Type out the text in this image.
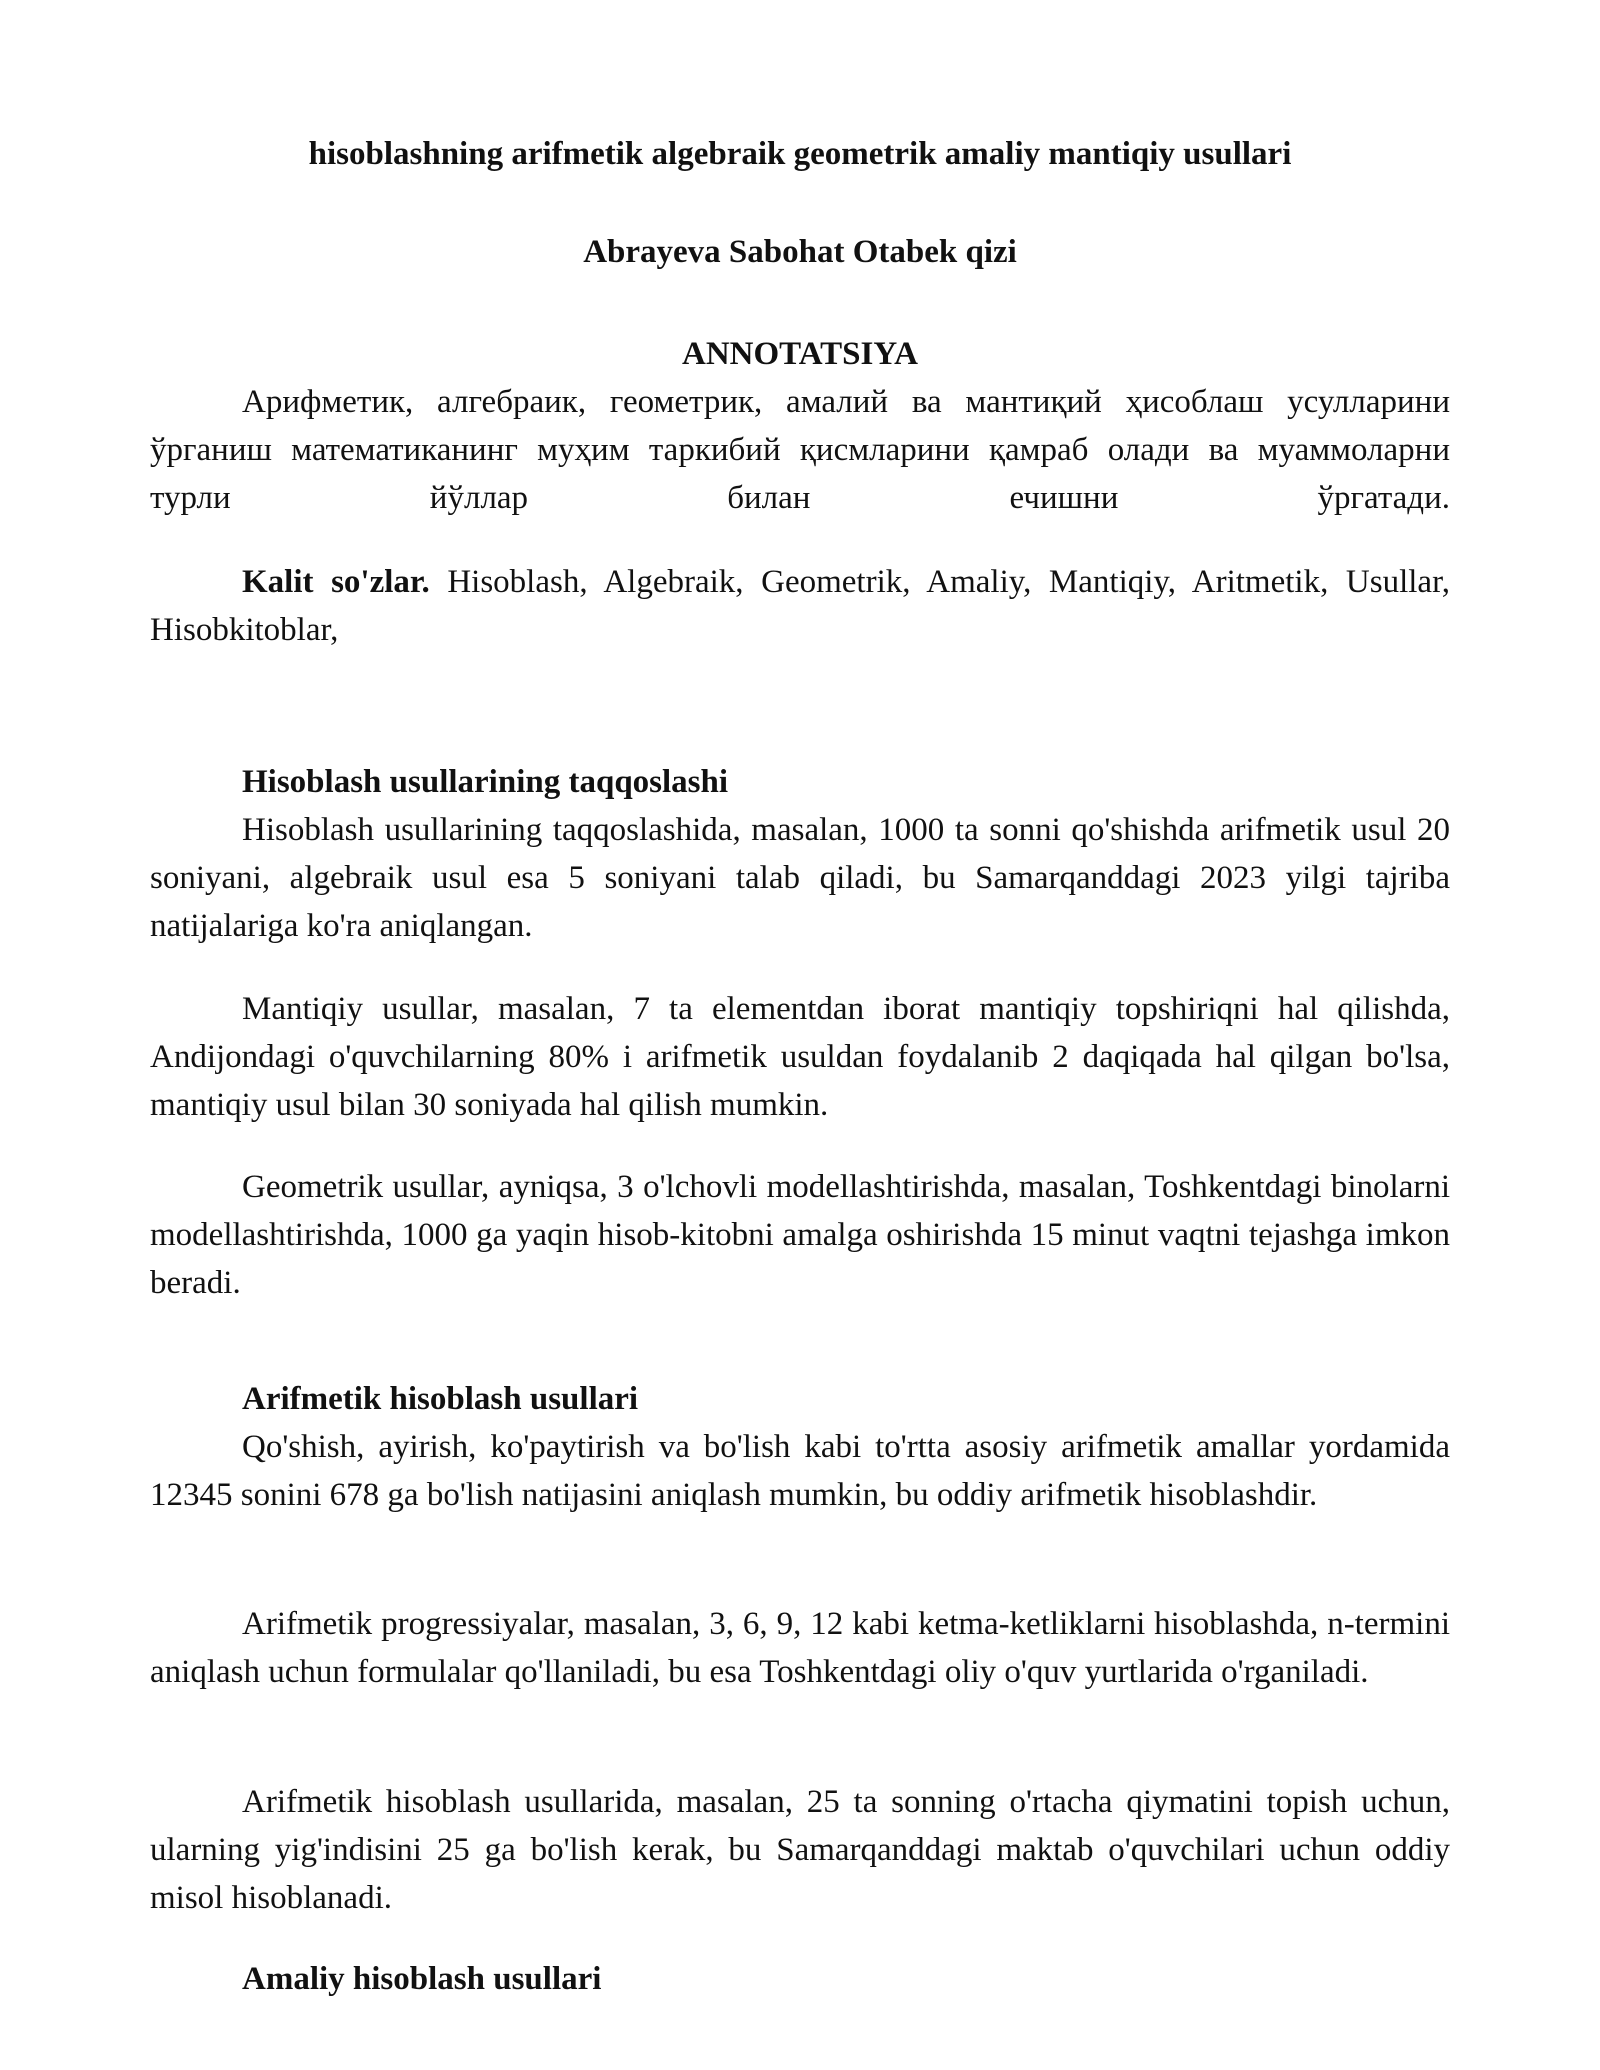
hisoblashning arifmetik algebraik geometrik amaliy mantiqiy usullari

Abrayeva Sabohat Otabek qizi

ANNOTATSIYA

Арифметик, алгебраик, геометрик, амалий ва мантиқий ҳисоблаш усулларини ўрганиш математиканинг муҳим таркибий қисмларини қамраб олади ва муаммоларни турли йўллар билан ечишни ўргатади.

Kalit so'zlar. Hisoblash, Algebraik, Geometrik, Amaliy, Mantiqiy, Aritmetik, Usullar, Hisobkitoblar,

Hisoblash usullarining taqqoslashi

Hisoblash usullarining taqqoslashida, masalan, 1000 ta sonni qo'shishda arifmetik usul 20 soniyani, algebraik usul esa 5 soniyani talab qiladi, bu Samarqanddagi 2023 yilgi tajriba natijalariga ko'ra aniqlangan.

Mantiqiy usullar, masalan, 7 ta elementdan iborat mantiqiy topshiriqni hal qilishda, Andijondagi o'quvchilarning 80% i arifmetik usuldan foydalanib 2 daqiqada hal qilgan bo'lsa, mantiqiy usul bilan 30 soniyada hal qilish mumkin.

Geometrik usullar, ayniqsa, 3 o'lchovli modellashtirishda, masalan, Toshkentdagi binolarni modellashtirishda, 1000 ga yaqin hisob-kitobni amalga oshirishda 15 minut vaqtni tejashga imkon beradi.

Arifmetik hisoblash usullari

Qo'shish, ayirish, ko'paytirish va bo'lish kabi to'rtta asosiy arifmetik amallar yordamida 12345 sonini 678 ga bo'lish natijasini aniqlash mumkin, bu oddiy arifmetik hisoblashdir.

Arifmetik progressiyalar, masalan, 3, 6, 9, 12 kabi ketma-ketliklarni hisoblashda, n-termini aniqlash uchun formulalar qo'llaniladi, bu esa Toshkentdagi oliy o'quv yurtlarida o'rganiladi.

Arifmetik hisoblash usullarida, masalan, 25 ta sonning o'rtacha qiymatini topish uchun, ularning yig'indisini 25 ga bo'lish kerak, bu Samarqanddagi maktab o'quvchilari uchun oddiy misol hisoblanadi.

Amaliy hisoblash usullari
